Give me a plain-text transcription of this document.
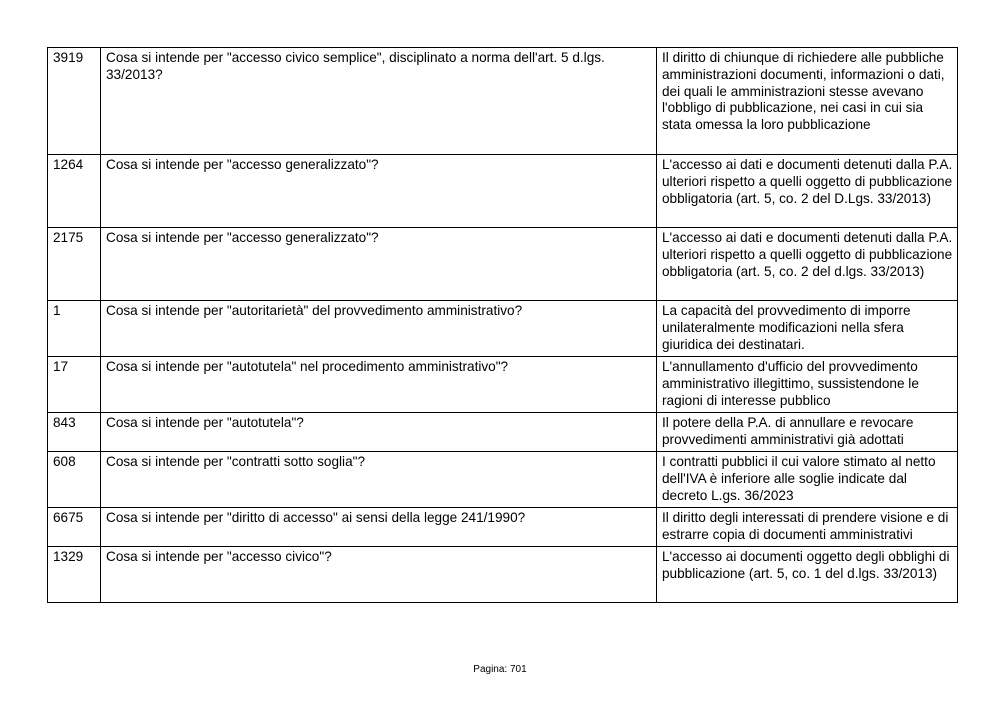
3919	Cosa si intende per "accesso civico semplice", disciplinato a norma dell'art. 5 d.lgs. 33/2013?	Il diritto di chiunque di richiedere alle pubbliche amministrazioni documenti, informazioni o dati, dei quali le amministrazioni stesse avevano l'obbligo di pubblicazione, nei casi in cui sia stata omessa la loro pubblicazione
1264	Cosa si intende per "accesso generalizzato"?	L'accesso ai dati e documenti detenuti dalla P.A. ulteriori rispetto a quelli oggetto di pubblicazione obbligatoria (art. 5, co. 2 del D.Lgs. 33/2013)
2175	Cosa si intende per "accesso generalizzato"?	L'accesso ai dati e documenti detenuti dalla P.A. ulteriori rispetto a quelli oggetto di pubblicazione obbligatoria (art. 5, co. 2 del d.lgs. 33/2013)
1	Cosa si intende per "autoritarietà" del provvedimento amministrativo?	La capacità del provvedimento di imporre unilateralmente modificazioni nella sfera giuridica dei destinatari.
17	Cosa si intende per "autotutela" nel procedimento amministrativo"?	L'annullamento d'ufficio del provvedimento amministrativo illegittimo, sussistendone le ragioni di interesse pubblico
843	Cosa si intende per "autotutela"?	Il potere della P.A. di annullare e revocare provvedimenti amministrativi già adottati
608	Cosa si intende per "contratti sotto soglia"?	I contratti pubblici il cui valore stimato al netto dell'IVA è inferiore alle soglie indicate dal decreto L.gs. 36/2023
6675	Cosa si intende per "diritto di accesso" ai sensi della legge 241/1990?	Il diritto degli interessati di prendere visione e di estrarre copia di documenti amministrativi
1329	Cosa si intende per "accesso civico"?	L'accesso ai documenti oggetto degli obblighi di pubblicazione (art. 5, co. 1 del d.lgs. 33/2013)
Pagina: 701
